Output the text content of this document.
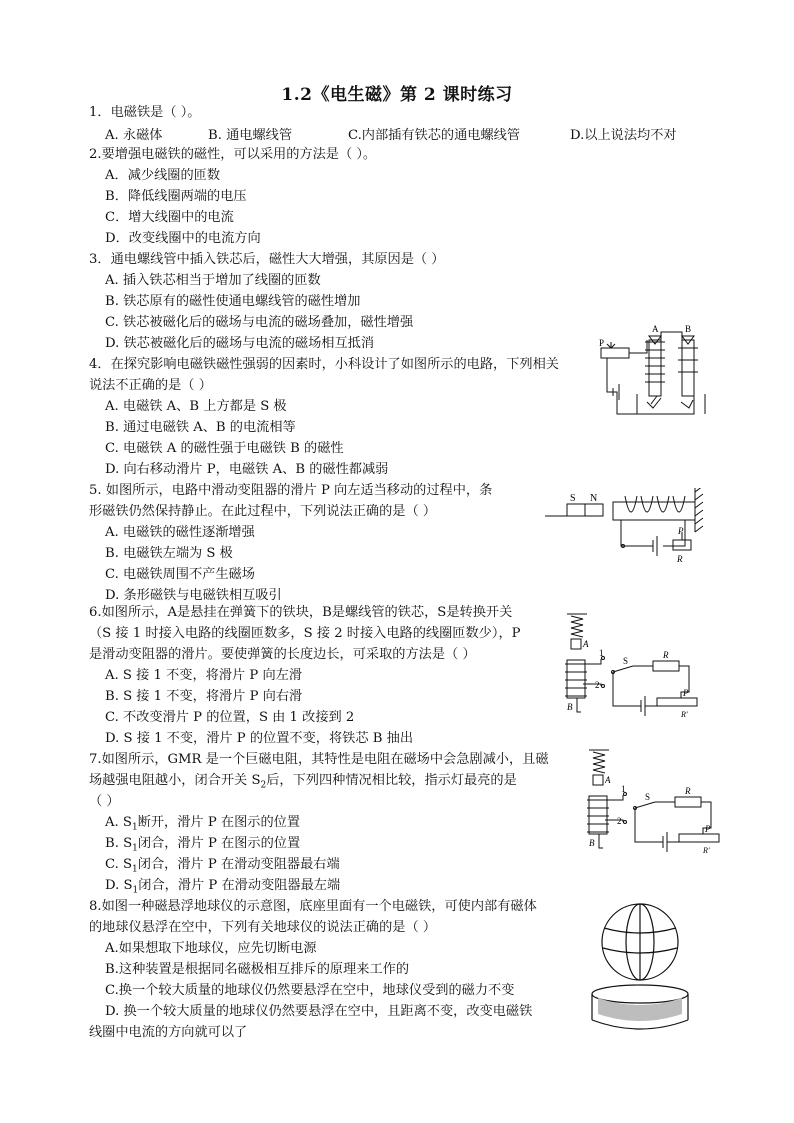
1.2《电生磁》第 2 课时练习
1．电磁铁是（ ）。
A. 永磁体	B. 通电螺线管	C.内部插有铁芯的通电螺线管	D.以上说法均不对
2.要增强电磁铁的磁性，可以采用的方法是（ ）。
A．减少线圈的匝数
B．降低线圈两端的电压
C．增大线圈中的电流
D．改变线圈中的电流方向
3．通电螺线管中插入铁芯后，磁性大大增强，其原因是（ ）
A. 插入铁芯相当于增加了线圈的匝数
B. 铁芯原有的磁性使通电螺线管的磁性增加
C. 铁芯被磁化后的磁场与电流的磁场叠加，磁性增强
D. 铁芯被磁化后的磁场与电流的磁场相互抵消
4．在探究影响电磁铁磁性强弱的因素时，小科设计了如图所示的电路，下列相关
说法不正确的是（ ）
A. 电磁铁 A、B 上方都是 S 极
B. 通过电磁铁 A、B 的电流相等
C. 电磁铁 A 的磁性强于电磁铁 B 的磁性
D. 向右移动滑片 P，电磁铁 A、B 的磁性都减弱
A	B
P
5. 如图所示，电路中滑动变阻器的滑片 P 向左适当移动的过程中，条
形磁铁仍然保持静止。在此过程中，下列说法正确的是（ ）
A. 电磁铁的磁性逐渐增强
B. 电磁铁左端为 S 极
C. 电磁铁周围不产生磁场
D. 条形磁铁与电磁铁相互吸引
S N
P
R
6.如图所示，A是悬挂在弹簧下的铁块，B是螺线管的铁芯，S是转换开关
（S 接 1 时接入电路的线圈匝数多，S 接 2 时接入电路的线圈匝数少），P
是滑动变阻器的滑片。要使弹簧的长度边长，可采取的方法是（ ）
A. S 接 1 不变，将滑片 P 向左滑
B. S 接 1 不变，将滑片 P 向右滑
C. 不改变滑片 P 的位置，S 由 1 改接到 2
D. S 接 1 不变，滑片 P 的位置不变，将铁芯 B 抽出
A
B
1
2
S
R
P
R′
7.如图所示，GMR 是一个巨磁电阻，其特性是电阻在磁场中会急剧减小，且磁
场越强电阻越小，闭合开关 $S_2$后，下列四种情况相比较，指示灯最亮的是
（ ）
A. $S_1$断开，滑片 P 在图示的位置
B. $S_1$闭合，滑片 P 在图示的位置
C. $S_1$闭合，滑片 P 在滑动变阻器最右端
D. $S_1$闭合，滑片 P 在滑动变阻器最左端
A
B
1
2
S
R
P
R′
8.如图一种磁悬浮地球仪的示意图，底座里面有一个电磁铁，可使内部有磁体
的地球仪悬浮在空中，下列有关地球仪的说法正确的是（ ）
A.如果想取下地球仪，应先切断电源
B.这种装置是根据同名磁极相互排斥的原理来工作的
C.换一个较大质量的地球仪仍然要悬浮在空中，地球仪受到的磁力不变
D. 换一个较大质量的地球仪仍然要悬浮在空中，且距离不变，改变电磁铁
线圈中电流的方向就可以了
